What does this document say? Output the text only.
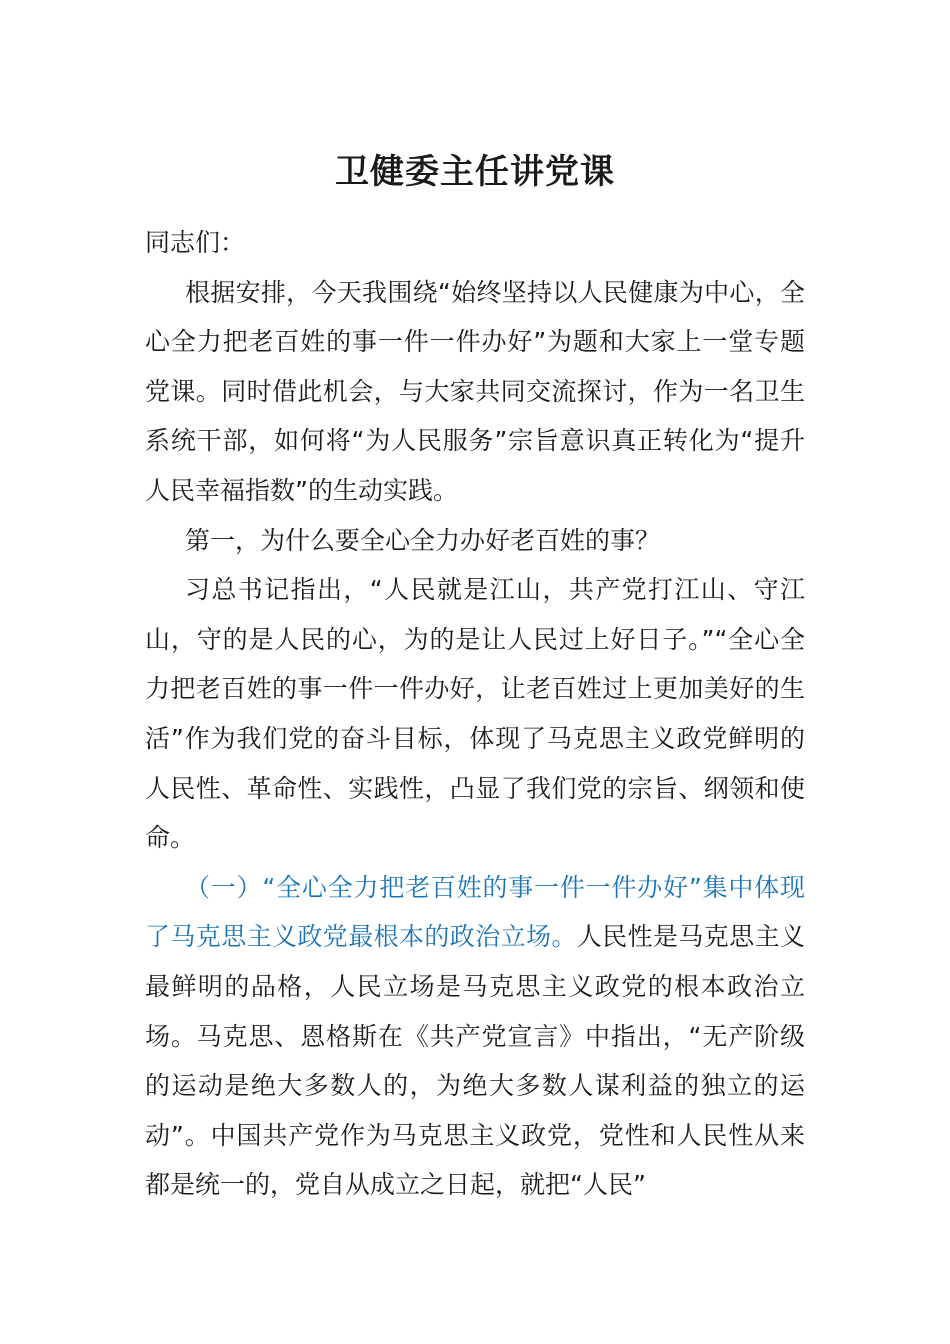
卫健委主任讲党课

同志们：

根据安排，今天我围绕“始终坚持以人民健康为中心，全心全力把老百姓的事一件一件办好”为题和大家上一堂专题党课。同时借此机会，与大家共同交流探讨，作为一名卫生系统干部，如何将“为人民服务”宗旨意识真正转化为“提升人民幸福指数”的生动实践。

第一，为什么要全心全力办好老百姓的事？

习总书记指出，“人民就是江山，共产党打江山、守江山，守的是人民的心，为的是让人民过上好日子。”“全心全力把老百姓的事一件一件办好，让老百姓过上更加美好的生活”作为我们党的奋斗目标，体现了马克思主义政党鲜明的人民性、革命性、实践性，凸显了我们党的宗旨、纲领和使命。

（一）“全心全力把老百姓的事一件一件办好”集中体现了马克思主义政党最根本的政治立场。人民性是马克思主义最鲜明的品格，人民立场是马克思主义政党的根本政治立场。马克思、恩格斯在《共产党宣言》中指出，“无产阶级的运动是绝大多数人的，为绝大多数人谋利益的独立的运动”。中国共产党作为马克思主义政党，党性和人民性从来都是统一的，党自从成立之日起，就把“人民”
